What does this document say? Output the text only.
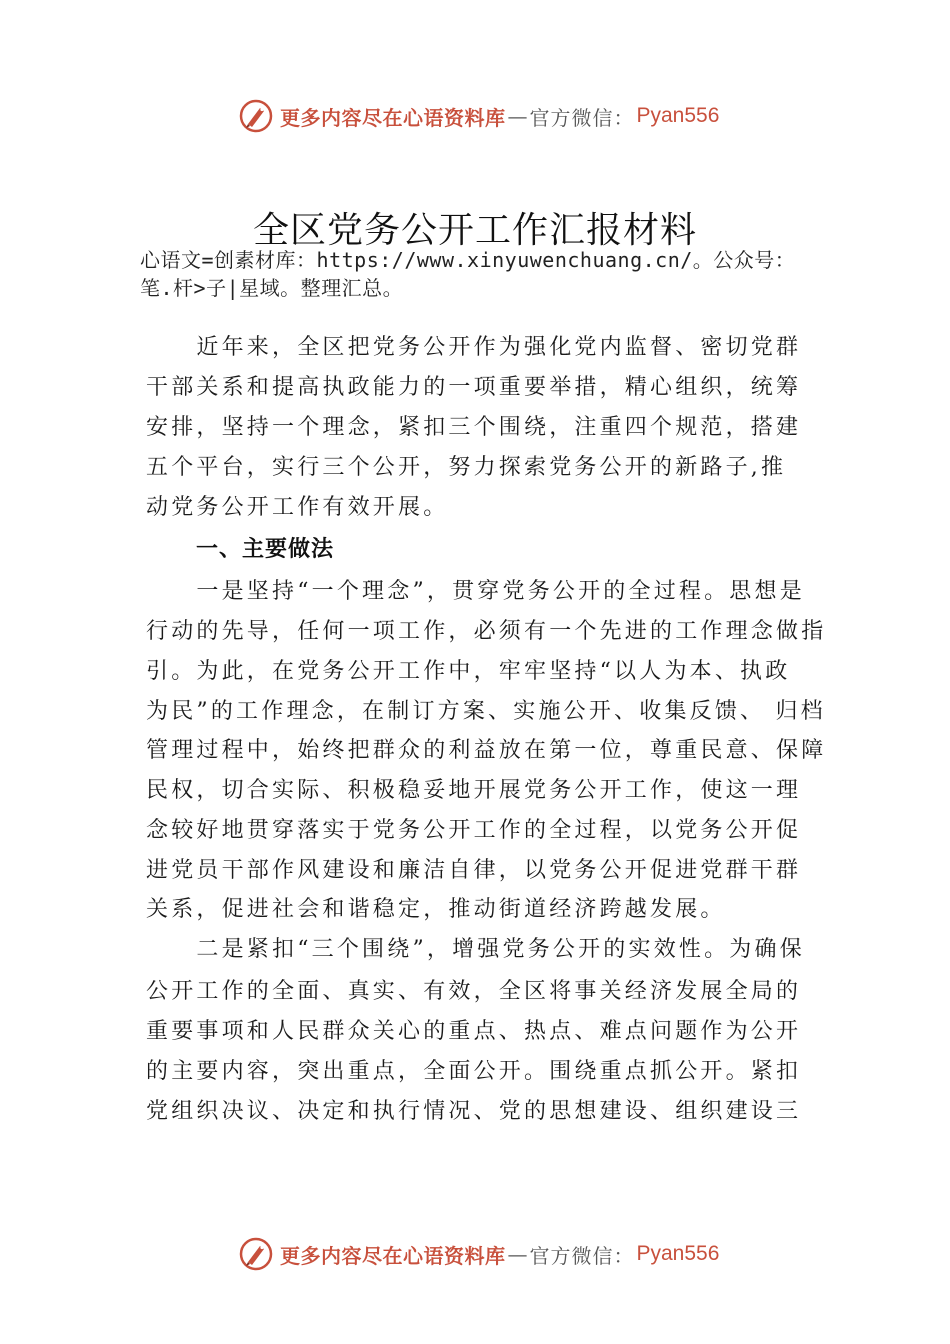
更多内容尽在心语资料库 — 官方微信： Pyan556
全区党务公开工作汇报材料
心语文=创素材库：https://www.xinyuwenchuang.cn/。公众号：
笔.杆>子|星域。整理汇总。
　　近年来，全区把党务公开作为强化党内监督、密切党群
干部关系和提高执政能力的一项重要举措，精心组织，统筹
安排，坚持一个理念，紧扣三个围绕，注重四个规范，搭建
五个平台，实行三个公开，努力探索党务公开的新路子,推
动党务公开工作有效开展。
一、主要做法
　　一是坚持“一个理念”，贯穿党务公开的全过程。思想是
行动的先导，任何一项工作，必须有一个先进的工作理念做指
引。为此，在党务公开工作中，牢牢坚持“以人为本、执政
为民”的工作理念，在制订方案、实施公开、收集反馈、 归档
管理过程中，始终把群众的利益放在第一位，尊重民意、保障
民权，切合实际、积极稳妥地开展党务公开工作，使这一理
念较好地贯穿落实于党务公开工作的全过程，以党务公开促
进党员干部作风建设和廉洁自律，以党务公开促进党群干群
关系，促进社会和谐稳定，推动街道经济跨越发展。
　　二是紧扣“三个围绕”，增强党务公开的实效性。为确保
公开工作的全面、真实、有效，全区将事关经济发展全局的
重要事项和人民群众关心的重点、热点、难点问题作为公开
的主要内容，突出重点，全面公开。围绕重点抓公开。紧扣
党组织决议、决定和执行情况、党的思想建设、组织建设三
更多内容尽在心语资料库 — 官方微信： Pyan556
